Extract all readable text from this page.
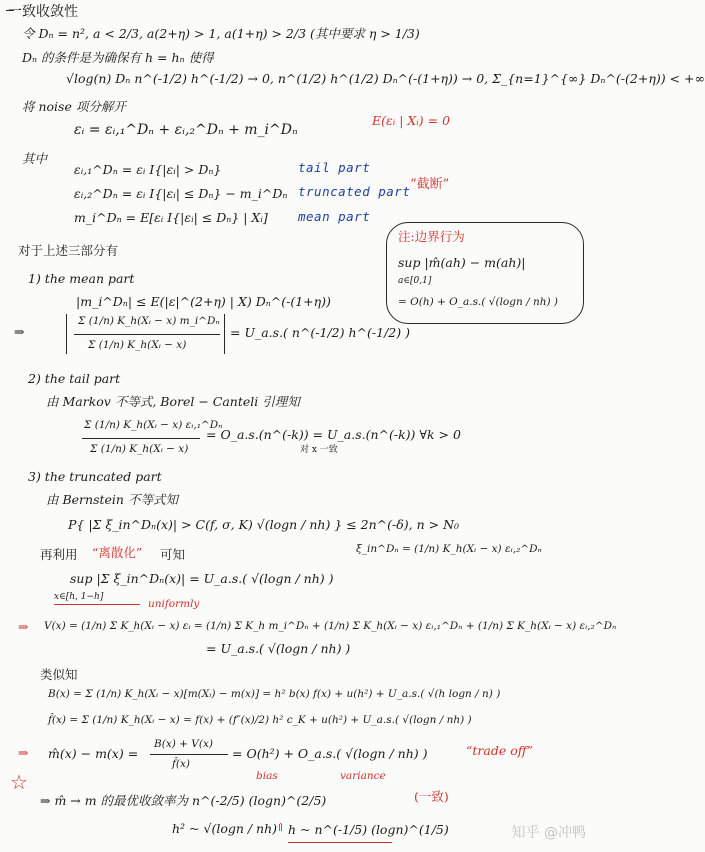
一致收敛性
令 Dₙ = n², a < 2/3, a(2+η) > 1, a(1+η) > 2/3 (其中要求 η > 1/3)
Dₙ 的条件是为确保有 h = hₙ 使得
√log(n) Dₙ n^(-1/2) h^(-1/2) → 0, n^(1/2) h^(1/2) Dₙ^(-(1+η)) → 0, Σ_{n=1}^{∞} Dₙ^(-(2+η)) < +∞
将 noise 项分解开
εᵢ = εᵢ,₁^Dₙ + εᵢ,₂^Dₙ + m_i^Dₙ
E(εᵢ | Xᵢ) = 0
其中
εᵢ,₁^Dₙ = εᵢ I{|εᵢ| > Dₙ}	tail part
εᵢ,₂^Dₙ = εᵢ I{|εᵢ| ≤ Dₙ} − m_i^Dₙ truncated part “截断”
m_i^Dₙ = E[εᵢ I{|εᵢ| ≤ Dₙ} | Xᵢ] mean part
注:边界行为
sup |m̂(ah) − m(ah)|
a∈[0,1]
= O(h) + O_a.s.( √(logn / nh) )
对于上述三部分有
1) the mean part
|m_i^Dₙ| ≤ E(|ε|^(2+η) | X) Dₙ^(-(1+η))
⇒
Σ (1/n) K_h(Xᵢ − x) m_i^Dₙ
Σ (1/n) K_h(Xᵢ − x)
= U_a.s.( n^(-1/2) h^(-1/2) )
2) the tail part
由 Markov 不等式, Borel − Canteli 引理知
Σ (1/n) K_h(Xᵢ − x) εᵢ,₁^Dₙ
Σ (1/n) K_h(Xᵢ − x)
= O_a.s.(n^(-k)) = U_a.s.(n^(-k)) ∀k > 0
对 x 一致
3) the truncated part
由 Bernstein 不等式知
P{ |Σ ξ_in^Dₙ(x)| > C(f, σ, K) √(logn / nh) } ≤ 2n^(-δ), n > N₀
再利用 “离散化” 可知	ξ_in^Dₙ = (1/n) K_h(Xᵢ − x) εᵢ,₂^Dₙ
sup |Σ ξ_in^Dₙ(x)| = U_a.s.( √(logn / nh) )
x∈[h, 1−h]
uniformly
⇒ V(x) = (1/n) Σ K_h(Xᵢ − x) εᵢ = (1/n) Σ K_h m_i^Dₙ + (1/n) Σ K_h(Xᵢ − x) εᵢ,₁^Dₙ + (1/n) Σ K_h(Xᵢ − x) εᵢ,₂^Dₙ
= U_a.s.( √(logn / nh) )
类似知
B(x) = Σ (1/n) K_h(Xᵢ − x)[m(Xᵢ) − m(x)] = h² b(x) f(x) + u(h²) + U_a.s.( √(h logn / n) )
f̂(x) = Σ (1/n) K_h(Xᵢ − x) = f(x) + (f″(x)/2) h² c_K + u(h²) + U_a.s.( √(logn / nh) )
⇒ m̂(x) − m(x) =
B(x) + V(x)
f̂(x)
= O(h²) + O_a.s.( √(logn / nh) )
bias	variance
“trade off”
☆
⇒ m̂ → m 的最优收敛率为 n^(-2/5) (logn)^(2/5)	(一致)
h² ~ √(logn / nh) h ~ n^(-1/5) (logn)^(1/5)
⇑	知乎 @冲鸭
